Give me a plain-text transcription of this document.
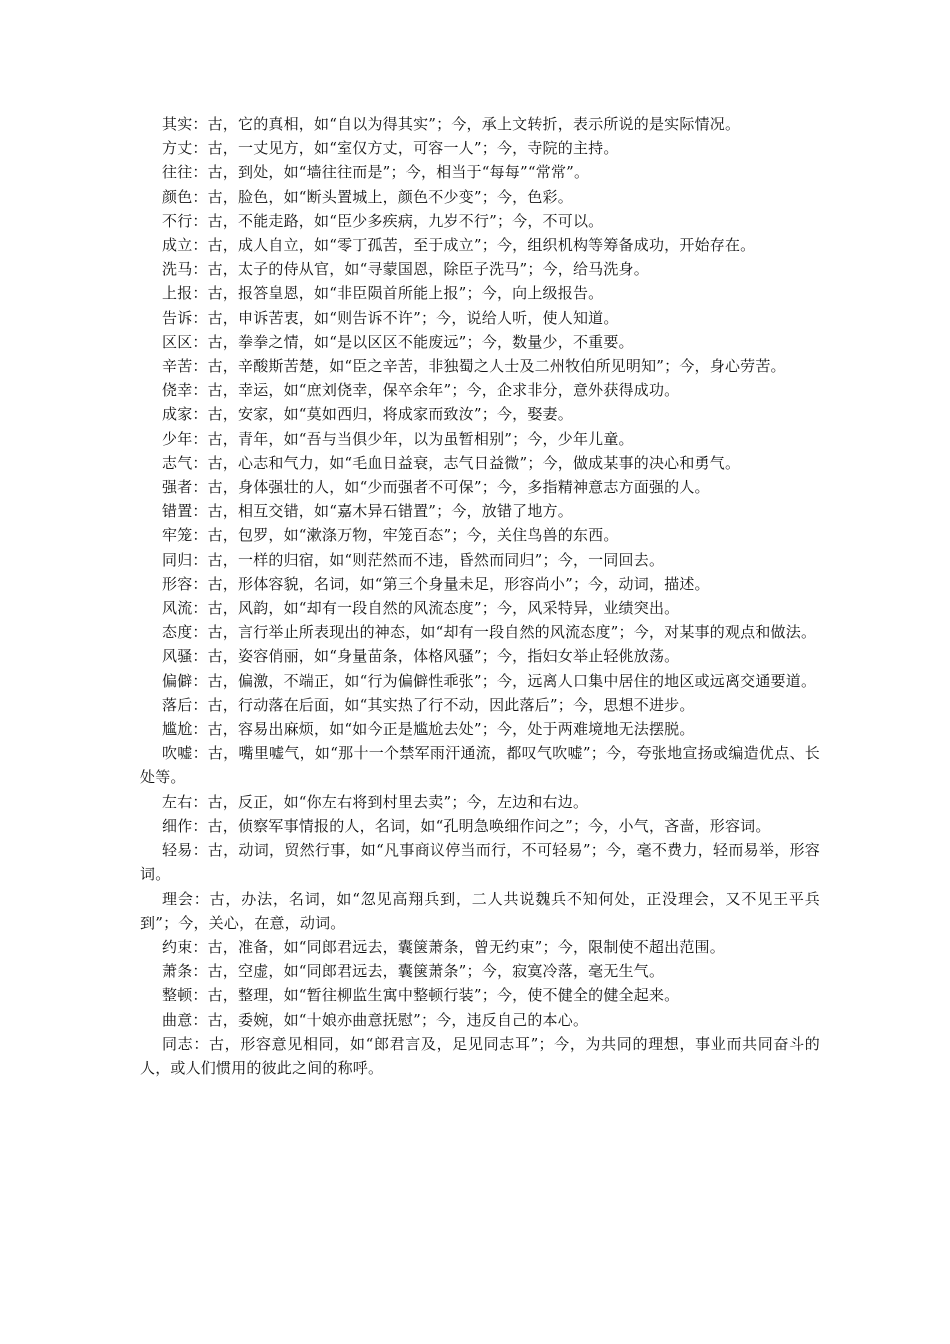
其实：古，它的真相，如“自以为得其实”；今，承上文转折，表示所说的是实际情况。

方丈：古，一丈见方，如“室仅方丈，可容一人”；今，寺院的主持。

往往：古，到处，如“墙往往而是”；今，相当于“每每”“常常”。

颜色：古，脸色，如“断头置城上，颜色不少变”；今，色彩。

不行：古，不能走路，如“臣少多疾病，九岁不行”；今，不可以。

成立：古，成人自立，如“零丁孤苦，至于成立”；今，组织机构等筹备成功，开始存在。

洗马：古，太子的侍从官，如“寻蒙国恩，除臣子洗马”；今，给马洗身。

上报：古，报答皇恩，如“非臣陨首所能上报”；今，向上级报告。

告诉：古，申诉苦衷，如“则告诉不许”；今，说给人听，使人知道。

区区：古，拳拳之情，如“是以区区不能废远”；今，数量少，不重要。

辛苦：古，辛酸斯苦楚，如“臣之辛苦，非独蜀之人士及二州牧伯所见明知”；今，身心劳苦。

侥幸：古，幸运，如“庶刘侥幸，保卒余年”；今，企求非分，意外获得成功。

成家：古，安家，如“莫如西归，将成家而致汝”；今，娶妻。

少年：古，青年，如“吾与当俱少年，以为虽暂相别”；今，少年儿童。

志气：古，心志和气力，如“毛血日益衰，志气日益微”；今，做成某事的决心和勇气。

强者：古，身体强壮的人，如“少而强者不可保”；今，多指精神意志方面强的人。

错置：古，相互交错，如“嘉木异石错置”；今，放错了地方。

牢笼：古，包罗，如“漱涤万物，牢笼百态”；今，关住鸟兽的东西。

同归：古，一样的归宿，如“则茫然而不违，昏然而同归”；今，一同回去。

形容：古，形体容貌，名词，如“第三个身量未足，形容尚小”；今，动词，描述。

风流：古，风韵，如“却有一段自然的风流态度”；今，风采特异，业绩突出。

态度：古，言行举止所表现出的神态，如“却有一段自然的风流态度”；今，对某事的观点和做法。

风骚：古，姿容俏丽，如“身量苗条，体格风骚”；今，指妇女举止轻佻放荡。

偏僻：古，偏激，不端正，如“行为偏僻性乖张”；今，远离人口集中居住的地区或远离交通要道。

落后：古，行动落在后面，如“其实热了行不动，因此落后”；今，思想不进步。

尴尬：古，容易出麻烦，如“如今正是尴尬去处”；今，处于两难境地无法摆脱。

吹嘘：古，嘴里嘘气，如“那十一个禁军雨汗通流，都叹气吹嘘”；今，夸张地宣扬或编造优点、长处等。

左右：古，反正，如“你左右将到村里去卖”；今，左边和右边。

细作：古，侦察军事情报的人，名词，如“孔明急唤细作问之”；今，小气，吝啬，形容词。

轻易：古，动词，贸然行事，如“凡事商议停当而行，不可轻易”；今，毫不费力，轻而易举，形容词。

理会：古，办法，名词，如“忽见高翔兵到，二人共说魏兵不知何处，正没理会，又不见王平兵到”；今，关心，在意，动词。

约束：古，准备，如“同郎君远去，囊箧萧条，曾无约束”；今，限制使不超出范围。

萧条：古，空虚，如“同郎君远去，囊箧萧条”；今，寂寞冷落，毫无生气。

整顿：古，整理，如“暂往柳监生寓中整顿行装”；今，使不健全的健全起来。

曲意：古，委婉，如“十娘亦曲意抚慰”；今，违反自己的本心。

同志：古，形容意见相同，如“郎君言及，足见同志耳”；今，为共同的理想，事业而共同奋斗的人，或人们惯用的彼此之间的称呼。
